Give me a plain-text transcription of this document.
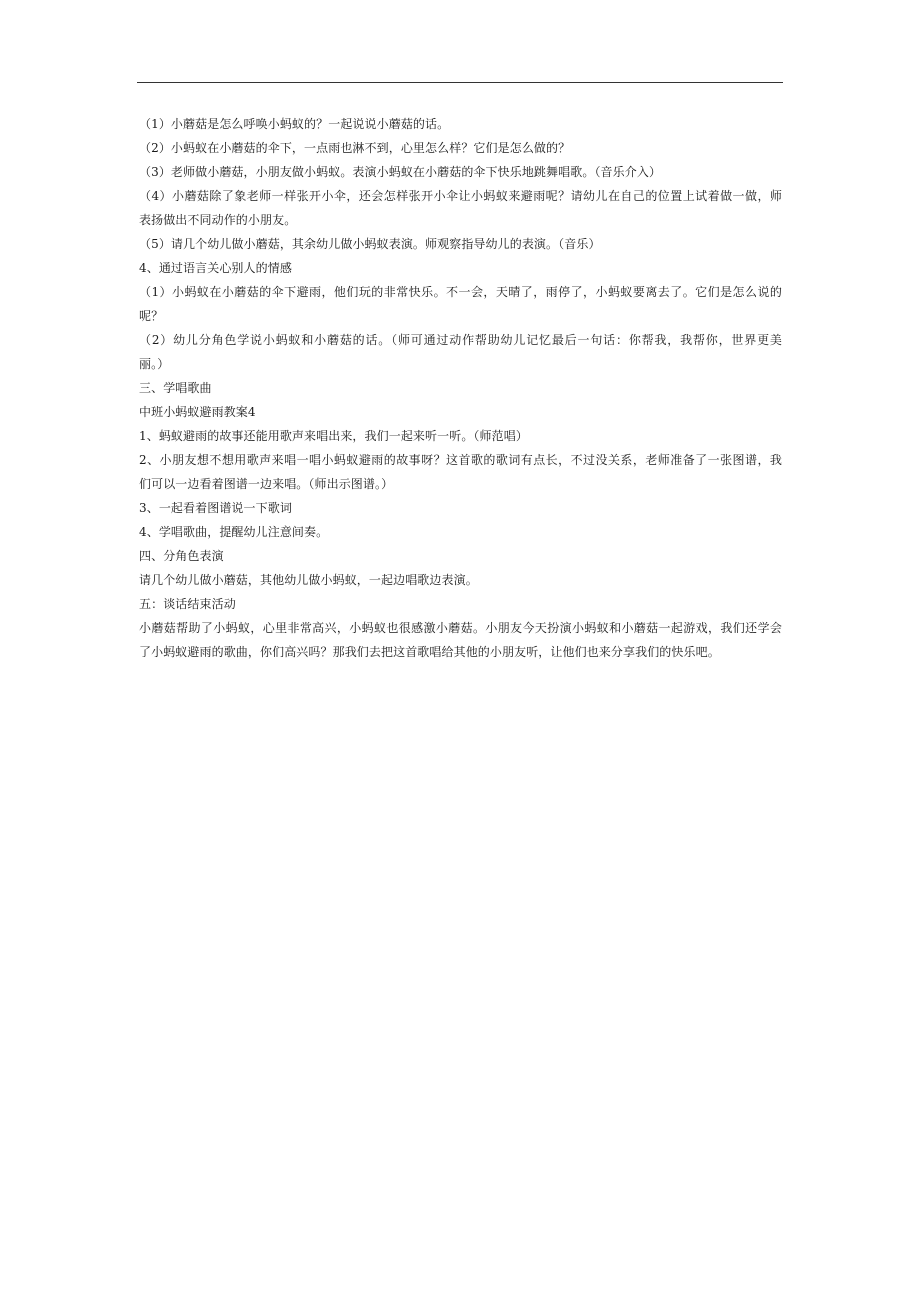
（1）小蘑菇是怎么呼唤小蚂蚁的？一起说说小蘑菇的话。
（2）小蚂蚁在小蘑菇的伞下，一点雨也淋不到，心里怎么样？它们是怎么做的？
（3）老师做小蘑菇，小朋友做小蚂蚁。表演小蚂蚁在小蘑菇的伞下快乐地跳舞唱歌。（音乐介入）
（4）小蘑菇除了象老师一样张开小伞，还会怎样张开小伞让小蚂蚁来避雨呢？请幼儿在自己的位置上试着做一做，师
表扬做出不同动作的小朋友。
（5）请几个幼儿做小蘑菇，其余幼儿做小蚂蚁表演。师观察指导幼儿的表演。（音乐）
4、通过语言关心别人的情感
（1）小蚂蚁在小蘑菇的伞下避雨，他们玩的非常快乐。不一会，天晴了，雨停了，小蚂蚁要离去了。它们是怎么说的
呢？
（2）幼儿分角色学说小蚂蚁和小蘑菇的话。（师可通过动作帮助幼儿记忆最后一句话：你帮我，我帮你，世界更美
丽。）
三、学唱歌曲
中班小蚂蚁避雨教案4
1、蚂蚁避雨的故事还能用歌声来唱出来，我们一起来听一听。（师范唱）
2、小朋友想不想用歌声来唱一唱小蚂蚁避雨的故事呀？这首歌的歌词有点长，不过没关系，老师准备了一张图谱，我
们可以一边看着图谱一边来唱。（师出示图谱。）
3、一起看着图谱说一下歌词
4、学唱歌曲，提醒幼儿注意间奏。
四、分角色表演
请几个幼儿做小蘑菇，其他幼儿做小蚂蚁，一起边唱歌边表演。
五：谈话结束活动
小蘑菇帮助了小蚂蚁，心里非常高兴，小蚂蚁也很感激小蘑菇。小朋友今天扮演小蚂蚁和小蘑菇一起游戏，我们还学会
了小蚂蚁避雨的歌曲，你们高兴吗？那我们去把这首歌唱给其他的小朋友听，让他们也来分享我们的快乐吧。
